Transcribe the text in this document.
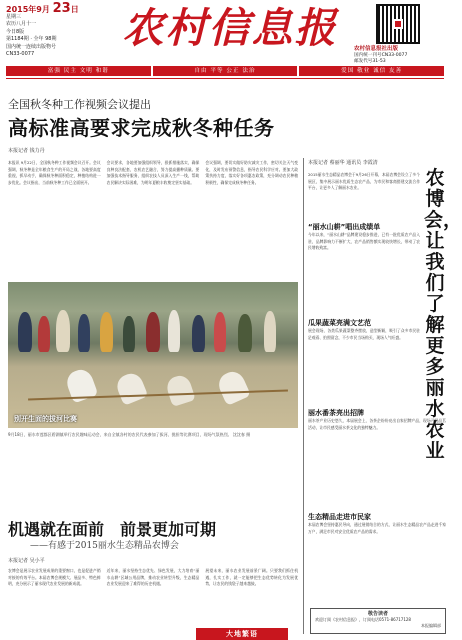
2015年9月 23日
星期三
农历八月十一
今日8版
第1184期 · 全年 98期
国内统一连续出版物号
CN33-0077
农村信息报	农村信息报社出版
国内统一刊号CN33-0077
邮发代号31-53
富强 民主 文明 和谐	自由 平等 公正 法治	爱国 敬业 诚信 友善
全国秋冬种工作视频会议提出
高标准高要求完成秋冬种任务
本报记者 钱力丹
本报讯 9月22日，全国秋冬种工作视频会议召开。会议强调，秋冬种是全年粮食生产的开局之战，各地要高度重视，抓早动手，确保秋冬种面积稳定，种植结构进一步优化。会议指出，当前秋冬种工作已全面展开。
会议要求，各地要加强组织领导，狠抓措施落实，确保良种良法配套，农机农艺融合，努力提高播种质量。要加强技术指导服务，组织农技人员深入生产一线，帮助农民解决实际困难，为明年夏粮丰收奠定坚实基础。
会议强调，要切实做好防灾减灾工作，密切关注天气变化，及时发布预警信息，指导农民科学应对。要加大政策扶持力度，落实好各项惠农政策，充分调动农民种粮积极性，确保完成秋冬种任务。
别开生面的拔河比赛
9月18日，丽水市莲都区碧湖镇举行农民趣味运动会，来自全镇各村的农民代表参加了拔河、挑担等比赛项目，现场气氛热烈。 沈沈春 摄
本报记者 蔡丽华 通讯员 李霞清
农博会，让我们了解更多丽水农业
2015丽水生态精品农博会于9月26日开幕，本届农博会设立了多个展区，集中展示丽水优质生态农产品，为市民和客商搭建交流合作平台，让更多人了解丽水农业。
“丽水山耕”唱出成绩单
今年以来，“丽水山耕”品牌建设稳步推进，已有一批优质农产品入驻，品牌影响力不断扩大，农产品销售额实现较快增长，带动了农民增收致富。
瓜果蔬菜亮满文艺范
展会现场，各类瓜果蔬菜整齐摆放，造型新颖，吸引了众多市民驻足观看、拍照留念，不少市民当场购买，现场人气旺盛。
丽水番茶亮出招牌
丽水茶产业历史悠久，本届展会上，各茶企纷纷亮出自家招牌产品，现场开展品茗活动，让市民感受丽水茶文化的独特魅力。
生态精品走进市民家
本届农博会坚持惠民导向，通过展销结合的方式，让丽水生态精品农产品走进千家万户，满足市民对安全优质农产品的需求。
机遇就在面前　前景更加可期
——有感于2015丽水生态精品农博会
本报记者 吴小平
农博会是展示农业发展成果的重要窗口，也是促进产销对接的有效平台。本届农博会规模大、展品多、特色鲜明，充分展示了丽水现代农业发展的新成就。
近年来，丽水坚持生态优先、绿色发展，大力培育“丽水山耕”区域公用品牌，推动农业转型升级，生态精品农业发展迎来了难得的历史机遇。
展望未来，丽水农业发展前景广阔。只要我们抓住机遇，扎实工作，就一定能够把生态优势转化为发展优势，让农民的钱袋子越来越鼓。
敬告读者
欢迎订阅《农村信息报》，订阅电话0571-86717128
本报编辑部
大地繁语
